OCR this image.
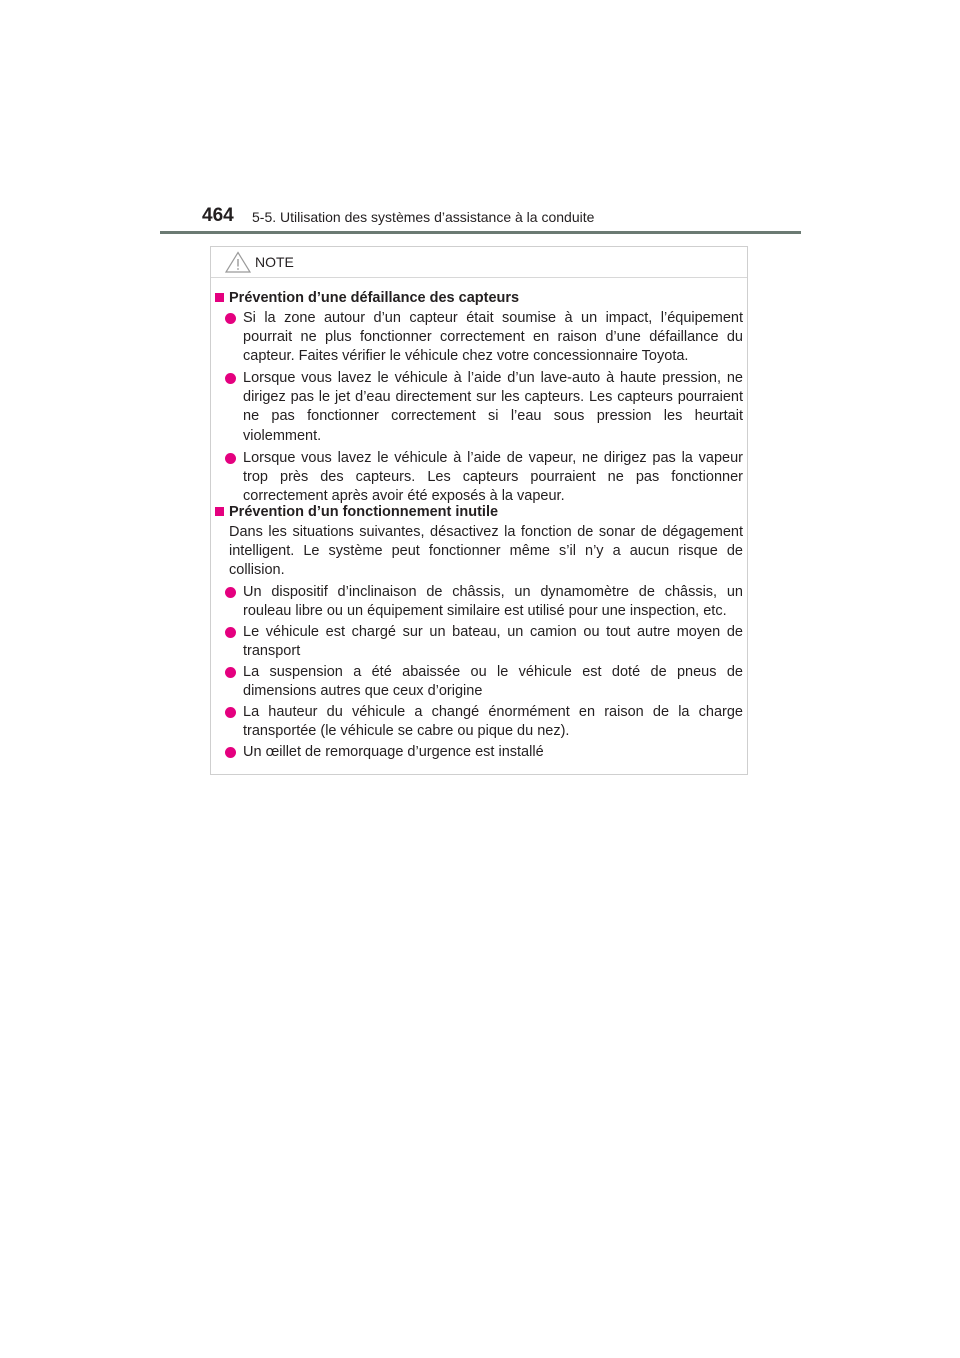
464 5-5. Utilisation des systèmes d’assistance à la conduite
NOTE
Prévention d’une défaillance des capteurs
Si la zone autour d’un capteur était soumise à un impact, l’équipement pourrait ne plus fonctionner correctement en raison d’une défaillance du capteur. Faites vérifier le véhicule chez votre concessionnaire Toyota.
Lorsque vous lavez le véhicule à l’aide d’un lave-auto à haute pression, ne dirigez pas le jet d’eau directement sur les capteurs. Les capteurs pourraient ne pas fonctionner correctement si l’eau sous pression les heurtait violemment.
Lorsque vous lavez le véhicule à l’aide de vapeur, ne dirigez pas la vapeur trop près des capteurs. Les capteurs pourraient ne pas fonctionner correctement après avoir été exposés à la vapeur.
Prévention d’un fonctionnement inutile
Dans les situations suivantes, désactivez la fonction de sonar de dégagement intelligent. Le système peut fonctionner même s’il n’y a aucun risque de collision.
Un dispositif d’inclinaison de châssis, un dynamomètre de châssis, un rouleau libre ou un équipement similaire est utilisé pour une inspection, etc.
Le véhicule est chargé sur un bateau, un camion ou tout autre moyen de transport
La suspension a été abaissée ou le véhicule est doté de pneus de dimensions autres que ceux d’origine
La hauteur du véhicule a changé énormément en raison de la charge transportée (le véhicule se cabre ou pique du nez).
Un œillet de remorquage d’urgence est installé
